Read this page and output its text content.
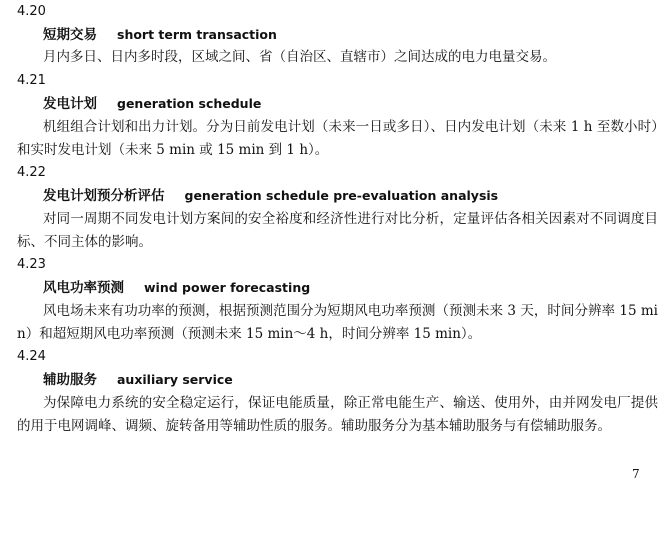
4.20
短期交易 short term transaction
月内多日、日内多时段，区域之间、省（自治区、直辖市）之间达成的电力电量交易。
4.21
发电计划 generation schedule
机组组合计划和出力计划。分为日前发电计划（未来一日或多日）、日内发电计划（未来 1 h 至数小时）和实时发电计划（未来 5 min 或 15 min 到 1 h）。
4.22
发电计划预分析评估 generation schedule pre-evaluation analysis
对同一周期不同发电计划方案间的安全裕度和经济性进行对比分析，定量评估各相关因素对不同调度目标、不同主体的影响。
4.23
风电功率预测 wind power forecasting
风电场未来有功功率的预测，根据预测范围分为短期风电功率预测（预测未来 3 天，时间分辨率 15 min）和超短期风电功率预测（预测未来 15 min～4 h，时间分辨率 15 min）。
4.24
辅助服务 auxiliary service
为保障电力系统的安全稳定运行，保证电能质量，除正常电能生产、输送、使用外，由并网发电厂提供的用于电网调峰、调频、旋转备用等辅助性质的服务。辅助服务分为基本辅助服务与有偿辅助服务。
7
